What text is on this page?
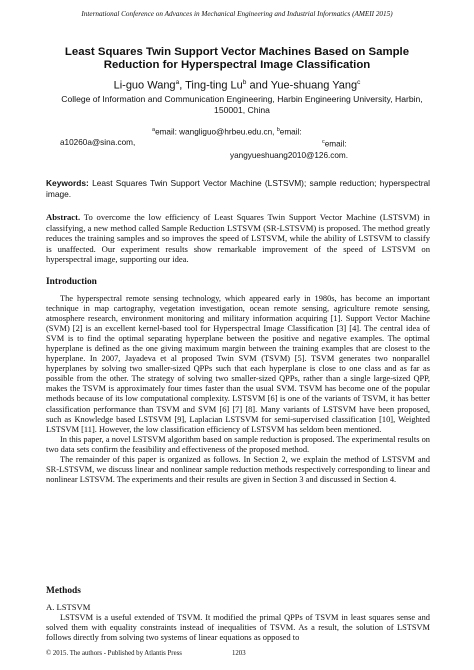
International Conference on Advances in Mechanical Engineering and Industrial Informatics (AMEII 2015)
Least Squares Twin Support Vector Machines Based on Sample Reduction for Hyperspectral Image Classification
Li-guo Wang$^a$, Ting-ting Lu$^b$ and Yue-shuang Yang$^c$
College of Information and Communication Engineering, Harbin Engineering University, Harbin,
150001, China
$^a$email: wangliguo@hrbeu.edu.cn, $^b$email:
a10260a@sina.com,	$^c$email:
yangyueshuang2010@126.com.
Keywords: Least Squares Twin Support Vector Machine (LSTSVM); sample reduction; hyperspectral image.
Abstract. To overcome the low efficiency of Least Squares Twin Support Vector Machine (LSTSVM) in classifying, a new method called Sample Reduction LSTSVM (SR-LSTSVM) is proposed. The method greatly reduces the training samples and so improves the speed of LSTSVM, while the ability of LSTSVM to classify is unaffected. Our experiment results show remarkable improvement of the speed of LSTSVM on hyperspectral image, supporting our idea.
Introduction

The hyperspectral remote sensing technology, which appeared early in 1980s, has become an important technique in map cartography, vegetation investigation, ocean remote sensing, agriculture remote sensing, atmosphere research, environment monitoring and military information acquiring [1]. Support Vector Machine (SVM) [2] is an excellent kernel-based tool for Hyperspectral Image Classification [3] [4]. The central idea of SVM is to find the optimal separating hyperplane between the positive and negative examples. The optimal hyperplane is defined as the one giving maximum margin between the training examples that are closest to the hyperplane. In 2007, Jayadeva et al proposed Twin SVM (TSVM) [5]. TSVM generates two nonparallel hyperplanes by solving two smaller-sized QPPs such that each hyperplane is close to one class and as far as possible from the other. The strategy of solving two smaller-sized QPPs, rather than a single large-sized QPP, makes the TSVM is approximately four times faster than the usual SVM. TSVM has become one of the popular methods because of its low computational complexity. LSTSVM [6] is one of the variants of TSVM, it has better classification performance than TSVM and SVM [6] [7] [8]. Many variants of LSTSVM have been proposed, such as Knowledge based LSTSVM [9], Laplacian LSTSVM for semi-supervised classification [10], Weighted LSTSVM [11]. However, the low classification efficiency of LSTSVM has seldom been mentioned.

In this paper, a novel LSTSVM algorithm based on sample reduction is proposed. The experimental results on two data sets confirm the feasibility and effectiveness of the proposed method.

The remainder of this paper is organized as follows. In Section 2, we explain the method of LSTSVM and SR-LSTSVM, we discuss linear and nonlinear sample reduction methods respectively corresponding to linear and nonlinear LSTSVM. The experiments and their results are given in Section 3 and discussed in Section 4.

Methods
A. LSTSVM

LSTSVM is a useful extended of TSVM. It modified the primal QPPs of TSVM in least squares sense and solved them with equality constraints instead of inequalities of TSVM. As a result, the solution of LSTSVM follows directly from solving two systems of linear equations as opposed to

© 2015. The authors - Published by Atlantis Press	1203
